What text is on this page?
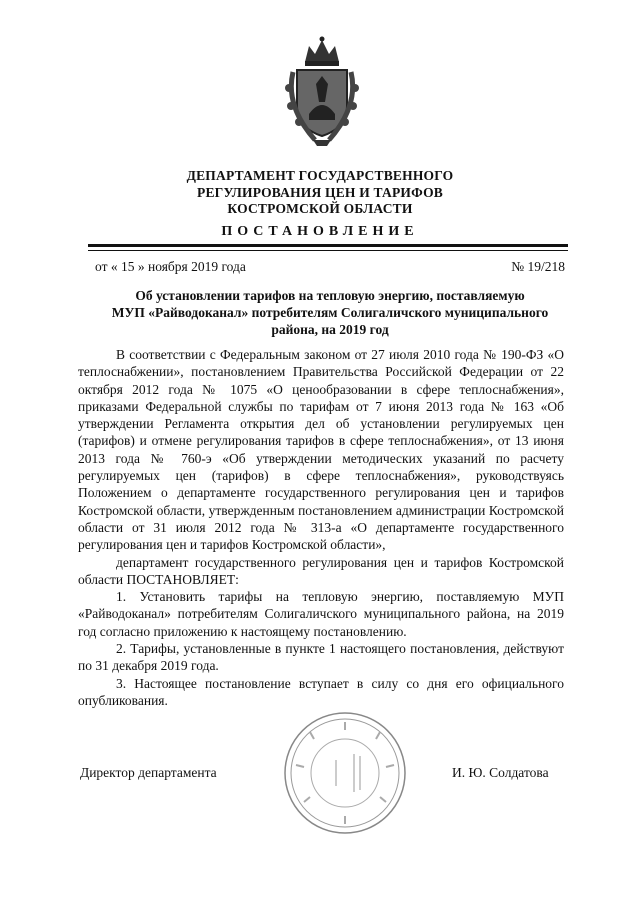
ДЕПАРТАМЕНТ ГОСУДАРСТВЕННОГО
РЕГУЛИРОВАНИЯ ЦЕН И ТАРИФОВ
КОСТРОМСКОЙ ОБЛАСТИ
ПОСТАНОВЛЕНИЕ
от « 15 » ноября 2019 года	№ 19/218
Об установлении тарифов на тепловую энергию, поставляемую
МУП «Райводоканал» потребителям Солигаличского муниципального
района, на 2019 год

В соответствии с Федеральным законом от 27 июля 2010 года № 190-ФЗ «О теплоснабжении», постановлением Правительства Российской Федерации от 22 октября 2012 года № 1075 «О ценообразовании в сфере теплоснабжения», приказами Федеральной службы по тарифам от 7 июня 2013 года № 163 «Об утверждении Регламента открытия дел об установлении регулируемых цен (тарифов) и отмене регулирования тарифов в сфере теплоснабжения», от 13 июня 2013 года № 760-э «Об утверждении методических указаний по расчету регулируемых цен (тарифов) в сфере теплоснабжения», руководствуясь Положением о департаменте государственного регулирования цен и тарифов Костромской области, утвержденным постановлением администрации Костромской области от 31 июля 2012 года № 313-а «О департаменте государственного регулирования цен и тарифов Костромской области»,

департамент государственного регулирования цен и тарифов Костромской области ПОСТАНОВЛЯЕТ:

1. Установить тарифы на тепловую энергию, поставляемую МУП «Райводоканал» потребителям Солигаличского муниципального района, на 2019 год согласно приложению к настоящему постановлению.

2. Тарифы, установленные в пункте 1 настоящего постановления, действуют по 31 декабря 2019 года.

3. Настоящее постановление вступает в силу со дня его официального опубликования.

Директор департамента	И. Ю. Солдатова
